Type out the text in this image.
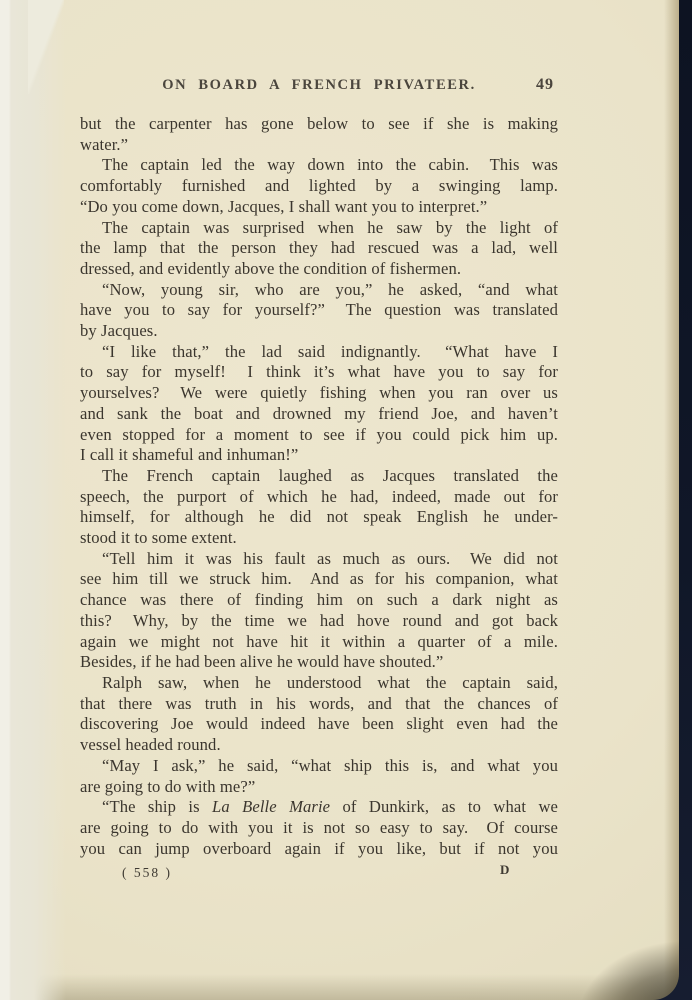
ON BOARD A FRENCH PRIVATEER.	49
but the carpenter has gone below to see if she is making
water.”
The captain led the way down into the cabin.  This was
comfortably furnished and lighted by a swinging lamp.
“Do you come down, Jacques, I shall want you to interpret.”
The captain was surprised when he saw by the light of
the lamp that the person they had rescued was a lad, well
dressed, and evidently above the condition of fishermen.
“Now, young sir, who are you,” he asked, “and what
have you to say for yourself?”  The question was translated
by Jacques.
“I like that,” the lad said indignantly.  “What have I
to say for myself!  I think it’s what have you to say for
yourselves?  We were quietly fishing when you ran over us
and sank the boat and drowned my friend Joe, and haven’t
even stopped for a moment to see if you could pick him up.
I call it shameful and inhuman!”
The French captain laughed as Jacques translated the
speech, the purport of which he had, indeed, made out for
himself, for although he did not speak English he under-
stood it to some extent.
“Tell him it was his fault as much as ours.  We did not
see him till we struck him.  And as for his companion, what
chance was there of finding him on such a dark night as
this?  Why, by the time we had hove round and got back
again we might not have hit it within a quarter of a mile.
Besides, if he had been alive he would have shouted.”
Ralph saw, when he understood what the captain said,
that there was truth in his words, and that the chances of
discovering Joe would indeed have been slight even had the
vessel headed round.
“May I ask,” he said, “what ship this is, and what you
are going to do with me?”
“The ship is La Belle Marie of Dunkirk, as to what we
are going to do with you it is not so easy to say.  Of course
you can jump overboard again if you like, but if not you
( 558 )	D
